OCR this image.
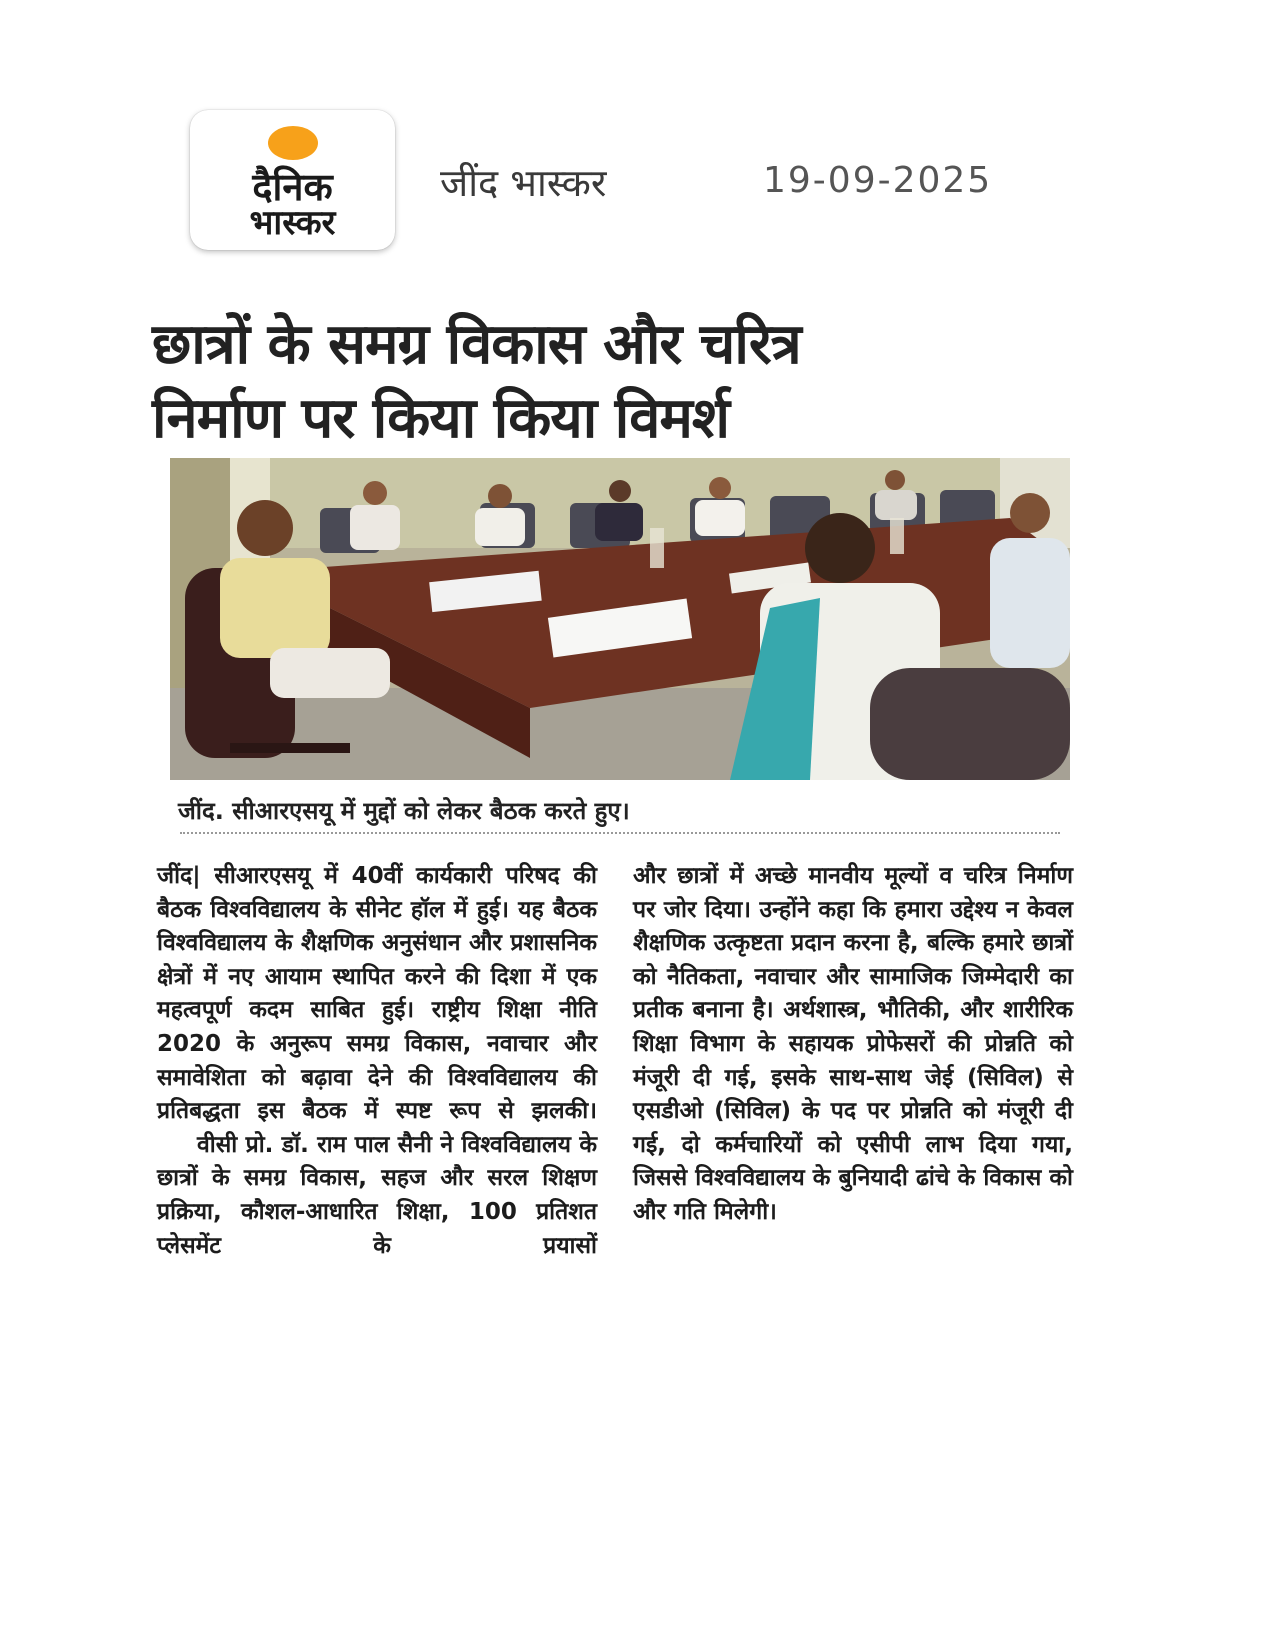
दैनिक
भास्कर
जींद भास्कर	19-09-2025
छात्रों के समग्र विकास और चरित्र
निर्माण पर किया किया विमर्श
जींद. सीआरएसयू में मुद्दों को लेकर बैठक करते हुए।

जींद| सीआरएसयू में 40वीं कार्यकारी परिषद की बैठक विश्वविद्यालय के सीनेट हॉल में हुई। यह बैठक विश्वविद्यालय के शैक्षणिक अनुसंधान और प्रशासनिक क्षेत्रों में नए आयाम स्थापित करने की दिशा में एक महत्वपूर्ण कदम साबित हुई। राष्ट्रीय शिक्षा नीति 2020 के अनुरूप समग्र विकास, नवाचार और समावेशिता को बढ़ावा देने की विश्वविद्यालय की प्रतिबद्धता इस बैठक में स्पष्ट रूप से झलकी।

वीसी प्रो. डॉ. राम पाल सैनी ने विश्वविद्यालय के छात्रों के समग्र विकास, सहज और सरल शिक्षण प्रक्रिया, कौशल-आधारित शिक्षा, 100 प्रतिशत प्लेसमेंट के प्रयासों

और छात्रों में अच्छे मानवीय मूल्यों व चरित्र निर्माण पर जोर दिया। उन्होंने कहा कि हमारा उद्देश्य न केवल शैक्षणिक उत्कृष्टता प्रदान करना है, बल्कि हमारे छात्रों को नैतिकता, नवाचार और सामाजिक जिम्मेदारी का प्रतीक बनाना है। अर्थशास्त्र, भौतिकी, और शारीरिक शिक्षा विभाग के सहायक प्रोफेसरों की प्रोन्नति को मंजूरी दी गई, इसके साथ-साथ जेई (सिविल) से एसडीओ (सिविल) के पद पर प्रोन्नति को मंजूरी दी गई, दो कर्मचारियों को एसीपी लाभ दिया गया, जिससे विश्वविद्यालय के बुनियादी ढांचे के विकास को और गति मिलेगी।
